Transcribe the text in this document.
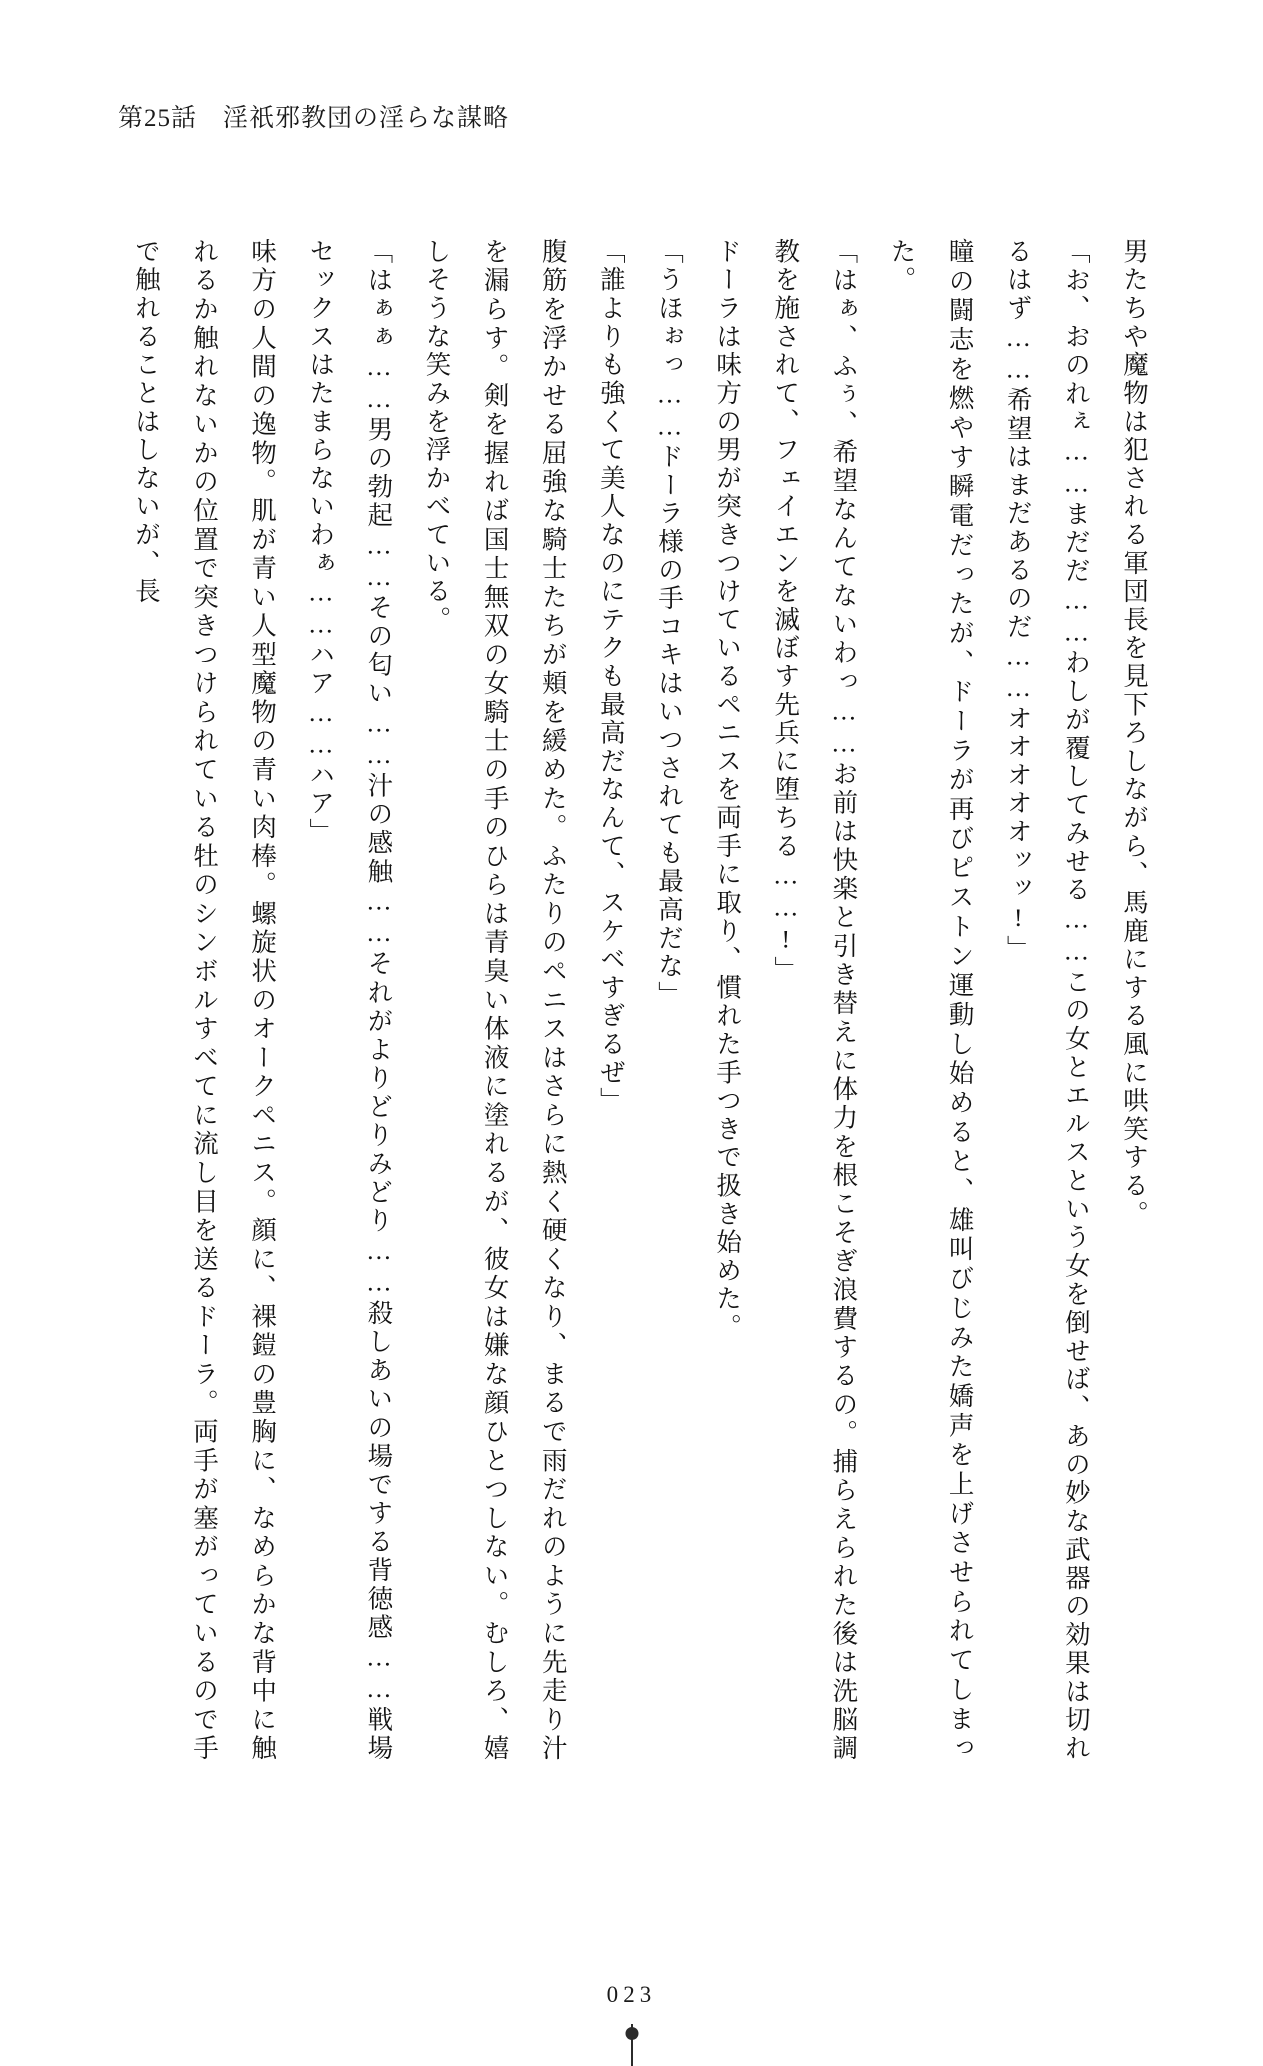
第25話 淫祇邪教団の淫らな謀略

男たちや魔物は犯される軍団長を見下ろしながら、馬鹿にする風に哄笑する。

「お、おのれぇ……まだだ……わしが覆してみせる……この女とエルスという女を倒せば、あの妙な武器の効果は切れるはず……希望はまだあるのだ……オオオオオッッ!」

瞳の闘志を燃やす瞬電だったが、ドーラが再びピストン運動し始めると、雄叫びじみた嬌声を上げさせられてしまった。

「はぁ、ふぅ、希望なんてないわっ……お前は快楽と引き替えに体力を根こそぎ浪費するの。捕らえられた後は洗脳調教を施されて、フェイエンを滅ぼす先兵に堕ちる……!」

ドーラは味方の男が突きつけているペニスを両手に取り、慣れた手つきで扱き始めた。

「うほぉっ……ドーラ様の手コキはいつされても最高だな」

「誰よりも強くて美人なのにテクも最高だなんて、スケベすぎるぜ」

腹筋を浮かせる屈強な騎士たちが頬を緩めた。ふたりのペニスはさらに熱く硬くなり、まるで雨だれのように先走り汁を漏らす。剣を握れば国士無双の女騎士の手のひらは青臭い体液に塗れるが、彼女は嫌な顔ひとつしない。むしろ、嬉しそうな笑みを浮かべている。

「はぁぁ……男の勃起……その匂い……汁の感触……それがよりどりみどり……殺しあいの場でする背徳感……戦場セックスはたまらないわぁ……ハア……ハア」

味方の人間の逸物。肌が青い人型魔物の青い肉棒。螺旋状のオークペニス。顔に、裸鎧の豊胸に、なめらかな背中に触れるか触れないかの位置で突きつけられている牡のシンボルすべてに流し目を送るドーラ。両手が塞がっているので手で触れることはしないが、長

023
